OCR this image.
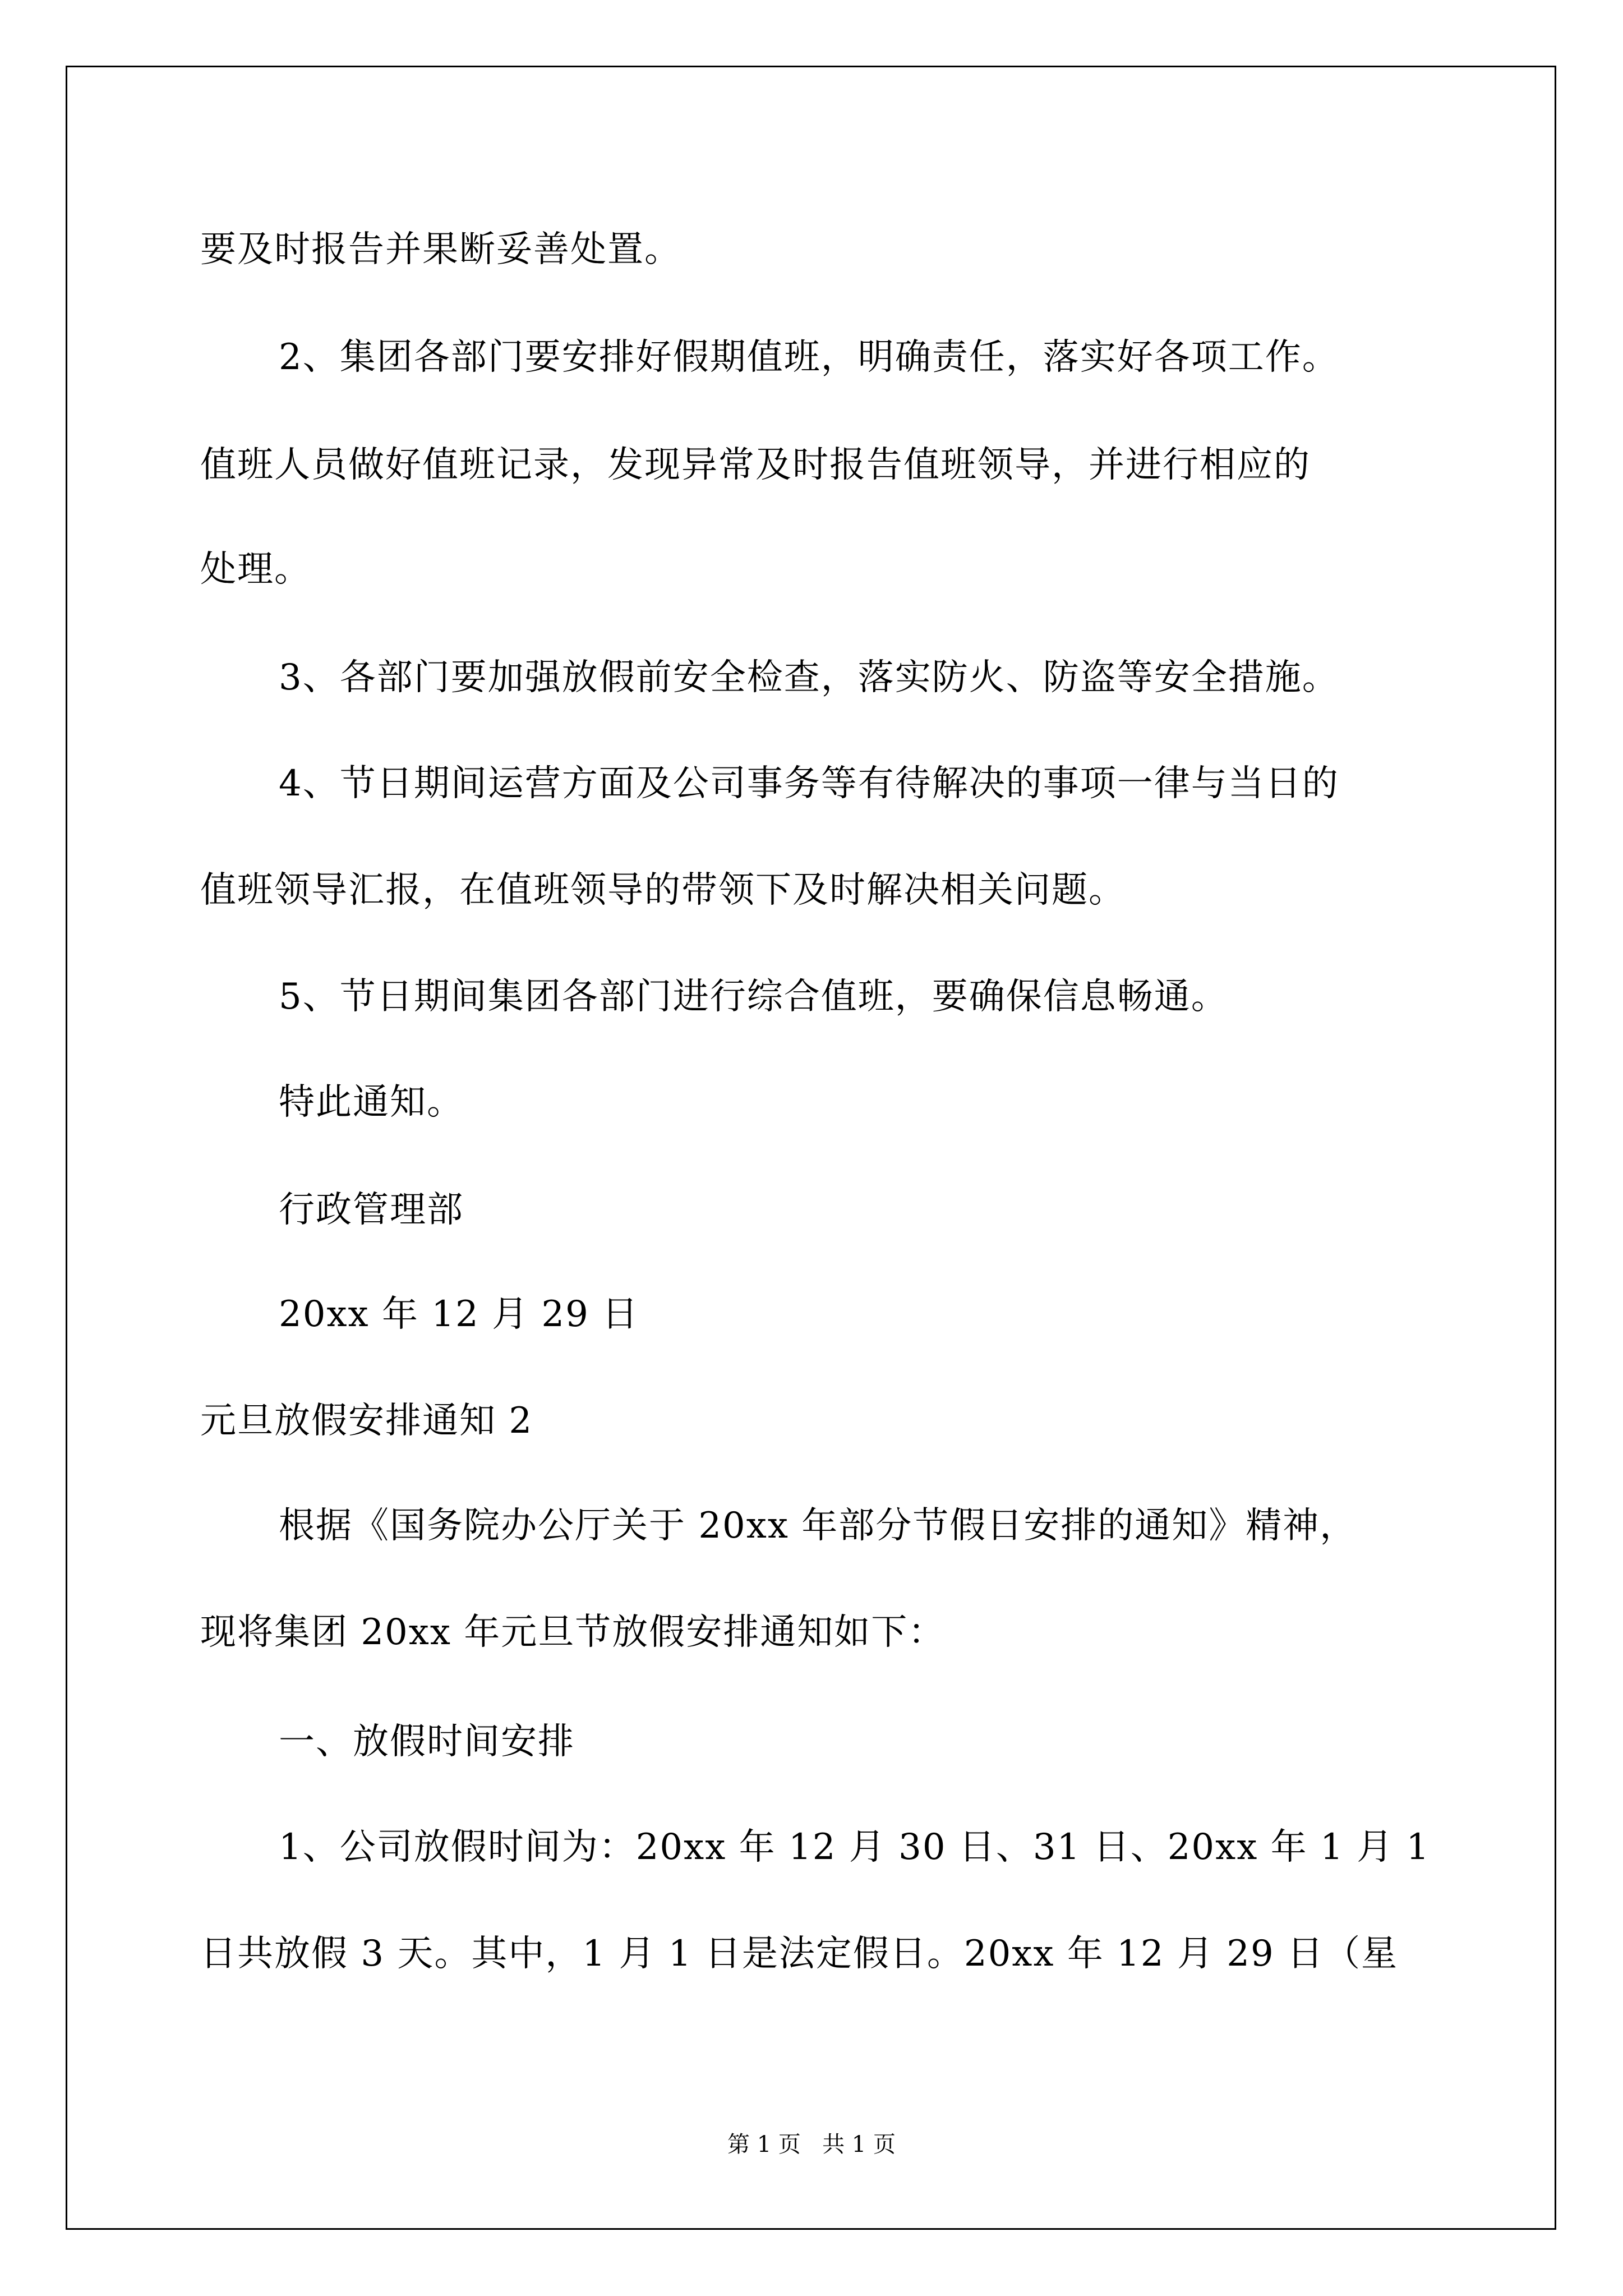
要及时报告并果断妥善处置。
2、集团各部门要安排好假期值班，明确责任，落实好各项工作。
值班人员做好值班记录，发现异常及时报告值班领导，并进行相应的
处理。
3、各部门要加强放假前安全检查，落实防火、防盗等安全措施。
4、节日期间运营方面及公司事务等有待解决的事项一律与当日的
值班领导汇报，在值班领导的带领下及时解决相关问题。
5、节日期间集团各部门进行综合值班，要确保信息畅通。
特此通知。
行政管理部
20xx 年 12 月 29 日
元旦放假安排通知 2
根据《国务院办公厅关于 20xx 年部分节假日安排的通知》精神，
现将集团 20xx 年元旦节放假安排通知如下：
一、放假时间安排
1、公司放假时间为：20xx 年 12 月 30 日、31 日、20xx 年 1 月 1
日共放假 3 天。其中，1 月 1 日是法定假日。20xx 年 12 月 29 日（星
第 1 页   共 1 页
